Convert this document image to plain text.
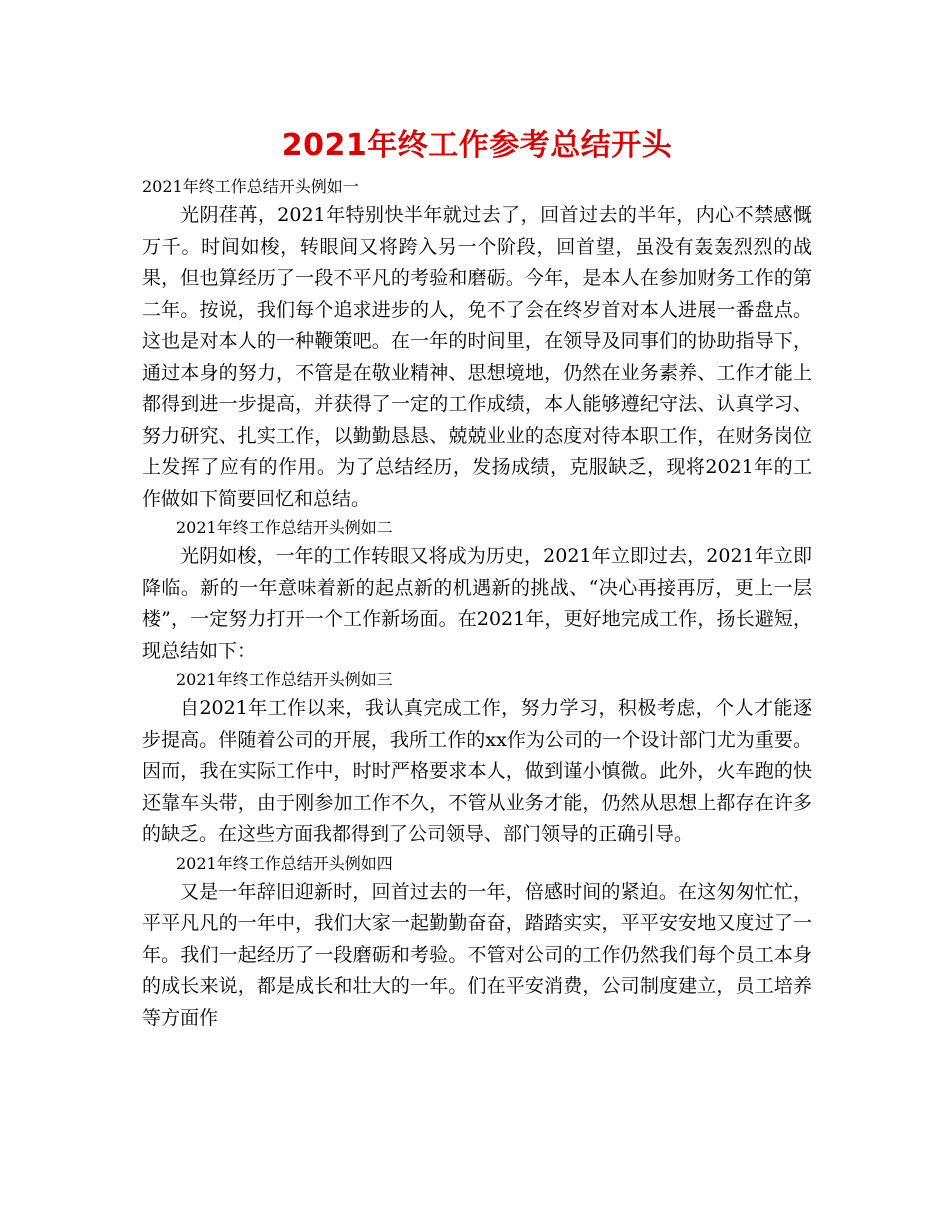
2021年终工作参考总结开头

2021年终工作总结开头例如一

光阴荏苒，2021年特别快半年就过去了，回首过去的半年，内心不禁感慨万千。时间如梭，转眼间又将跨入另一个阶段，回首望，虽没有轰轰烈烈的战果，但也算经历了一段不平凡的考验和磨砺。今年，是本人在参加财务工作的第二年。按说，我们每个追求进步的人，免不了会在终岁首对本人进展一番盘点。这也是对本人的一种鞭策吧。在一年的时间里，在领导及同事们的协助指导下，通过本身的努力，不管是在敬业精神、思想境地，仍然在业务素养、工作才能上都得到进一步提高，并获得了一定的工作成绩，本人能够遵纪守法、认真学习、努力研究、扎实工作，以勤勤恳恳、兢兢业业的态度对待本职工作，在财务岗位上发挥了应有的作用。为了总结经历，发扬成绩，克服缺乏，现将2021年的工作做如下简要回忆和总结。

2021年终工作总结开头例如二

光阴如梭，一年的工作转眼又将成为历史，2021年立即过去，2021年立即降临。新的一年意味着新的起点新的机遇新的挑战、“决心再接再厉，更上一层楼”，一定努力打开一个工作新场面。在2021年，更好地完成工作，扬长避短，现总结如下：

2021年终工作总结开头例如三

自2021年工作以来，我认真完成工作，努力学习，积极考虑，个人才能逐步提高。伴随着公司的开展，我所工作的xx作为公司的一个设计部门尤为重要。因而，我在实际工作中，时时严格要求本人，做到谨小慎微。此外，火车跑的快还靠车头带，由于刚参加工作不久，不管从业务才能，仍然从思想上都存在许多的缺乏。在这些方面我都得到了公司领导、部门领导的正确引导。

2021年终工作总结开头例如四

又是一年辞旧迎新时，回首过去的一年，倍感时间的紧迫。在这匆匆忙忙，平平凡凡的一年中，我们大家一起勤勤奋奋，踏踏实实，平平安安地又度过了一年。我们一起经历了一段磨砺和考验。不管对公司的工作仍然我们每个员工本身的成长来说，都是成长和壮大的一年。们在平安消费，公司制度建立，员工培养等方面作
